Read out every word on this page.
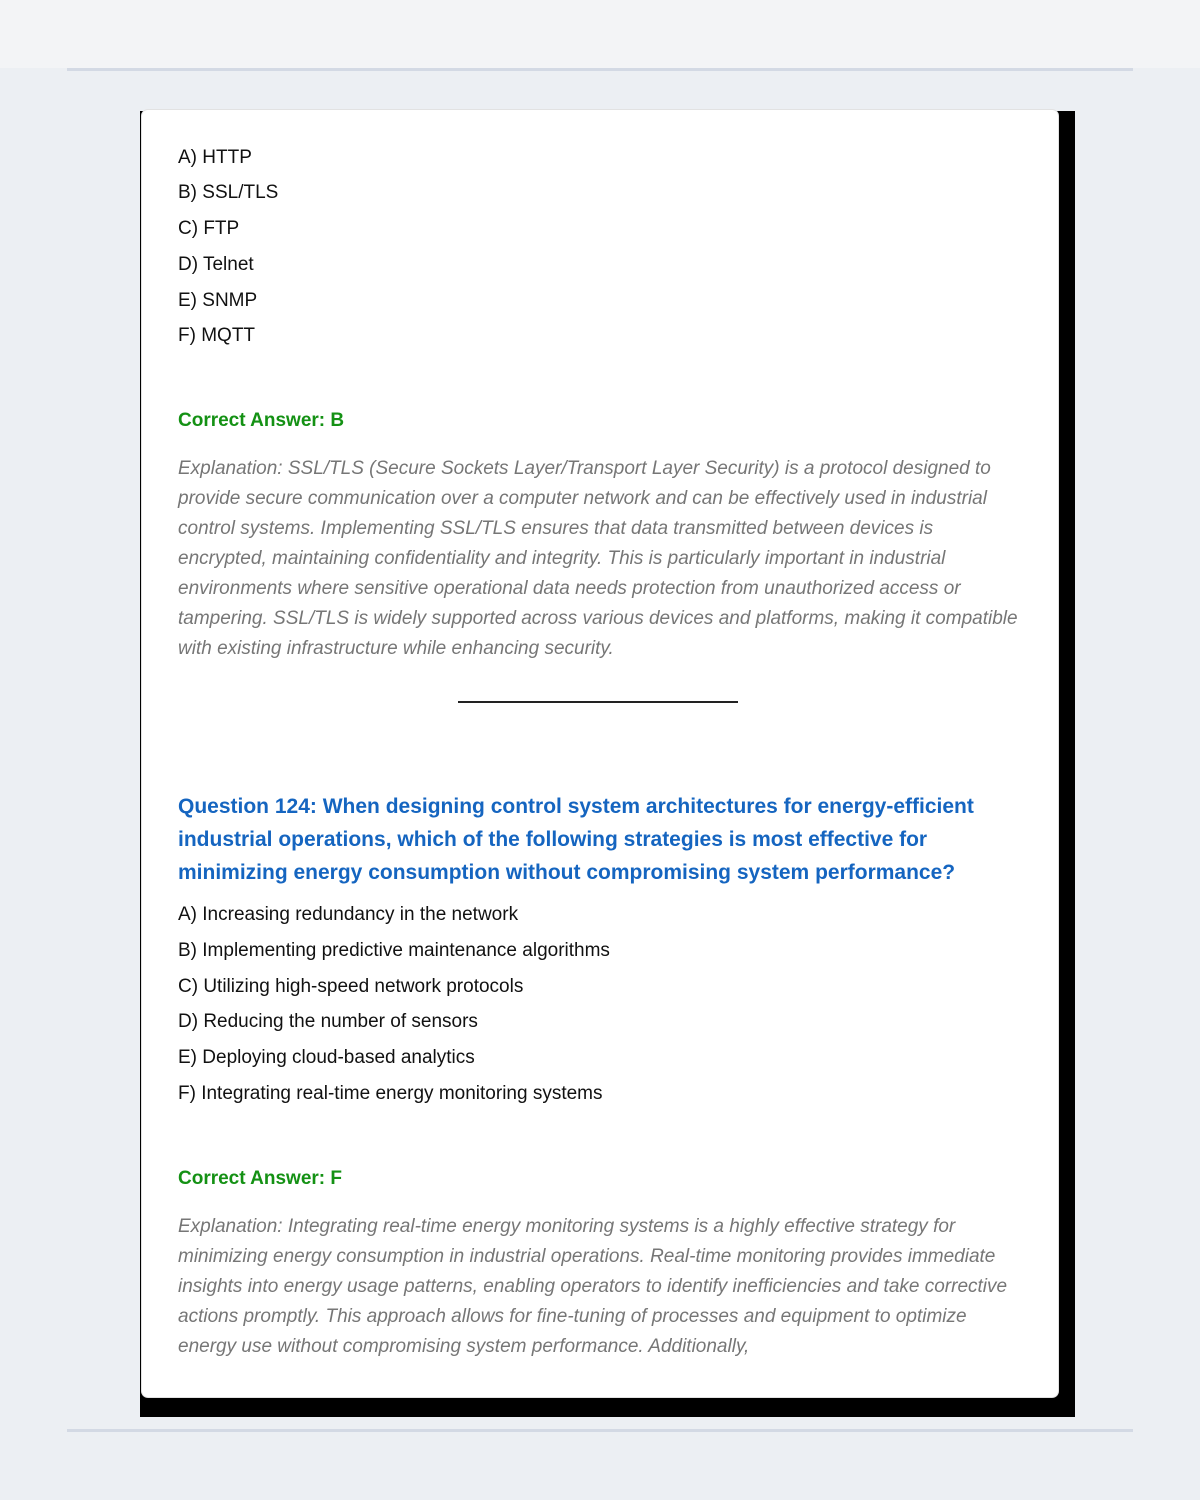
A) HTTP
B) SSL/TLS
C) FTP
D) Telnet
E) SNMP
F) MQTT
Correct Answer: B
Explanation: SSL/TLS (Secure Sockets Layer/Transport Layer Security) is a protocol designed to provide secure communication over a computer network and can be effectively used in industrial control systems. Implementing SSL/TLS ensures that data transmitted between devices is encrypted, maintaining confidentiality and integrity. This is particularly important in industrial environments where sensitive operational data needs protection from unauthorized access or tampering. SSL/TLS is widely supported across various devices and platforms, making it compatible with existing infrastructure while enhancing security.
Question 124: When designing control system architectures for energy-efficient industrial operations, which of the following strategies is most effective for minimizing energy consumption without compromising system performance?
A) Increasing redundancy in the network
B) Implementing predictive maintenance algorithms
C) Utilizing high-speed network protocols
D) Reducing the number of sensors
E) Deploying cloud-based analytics
F) Integrating real-time energy monitoring systems
Correct Answer: F
Explanation: Integrating real-time energy monitoring systems is a highly effective strategy for minimizing energy consumption in industrial operations. Real-time monitoring provides immediate insights into energy usage patterns, enabling operators to identify inefficiencies and take corrective actions promptly. This approach allows for fine-tuning of processes and equipment to optimize energy use without compromising system performance. Additionally,
